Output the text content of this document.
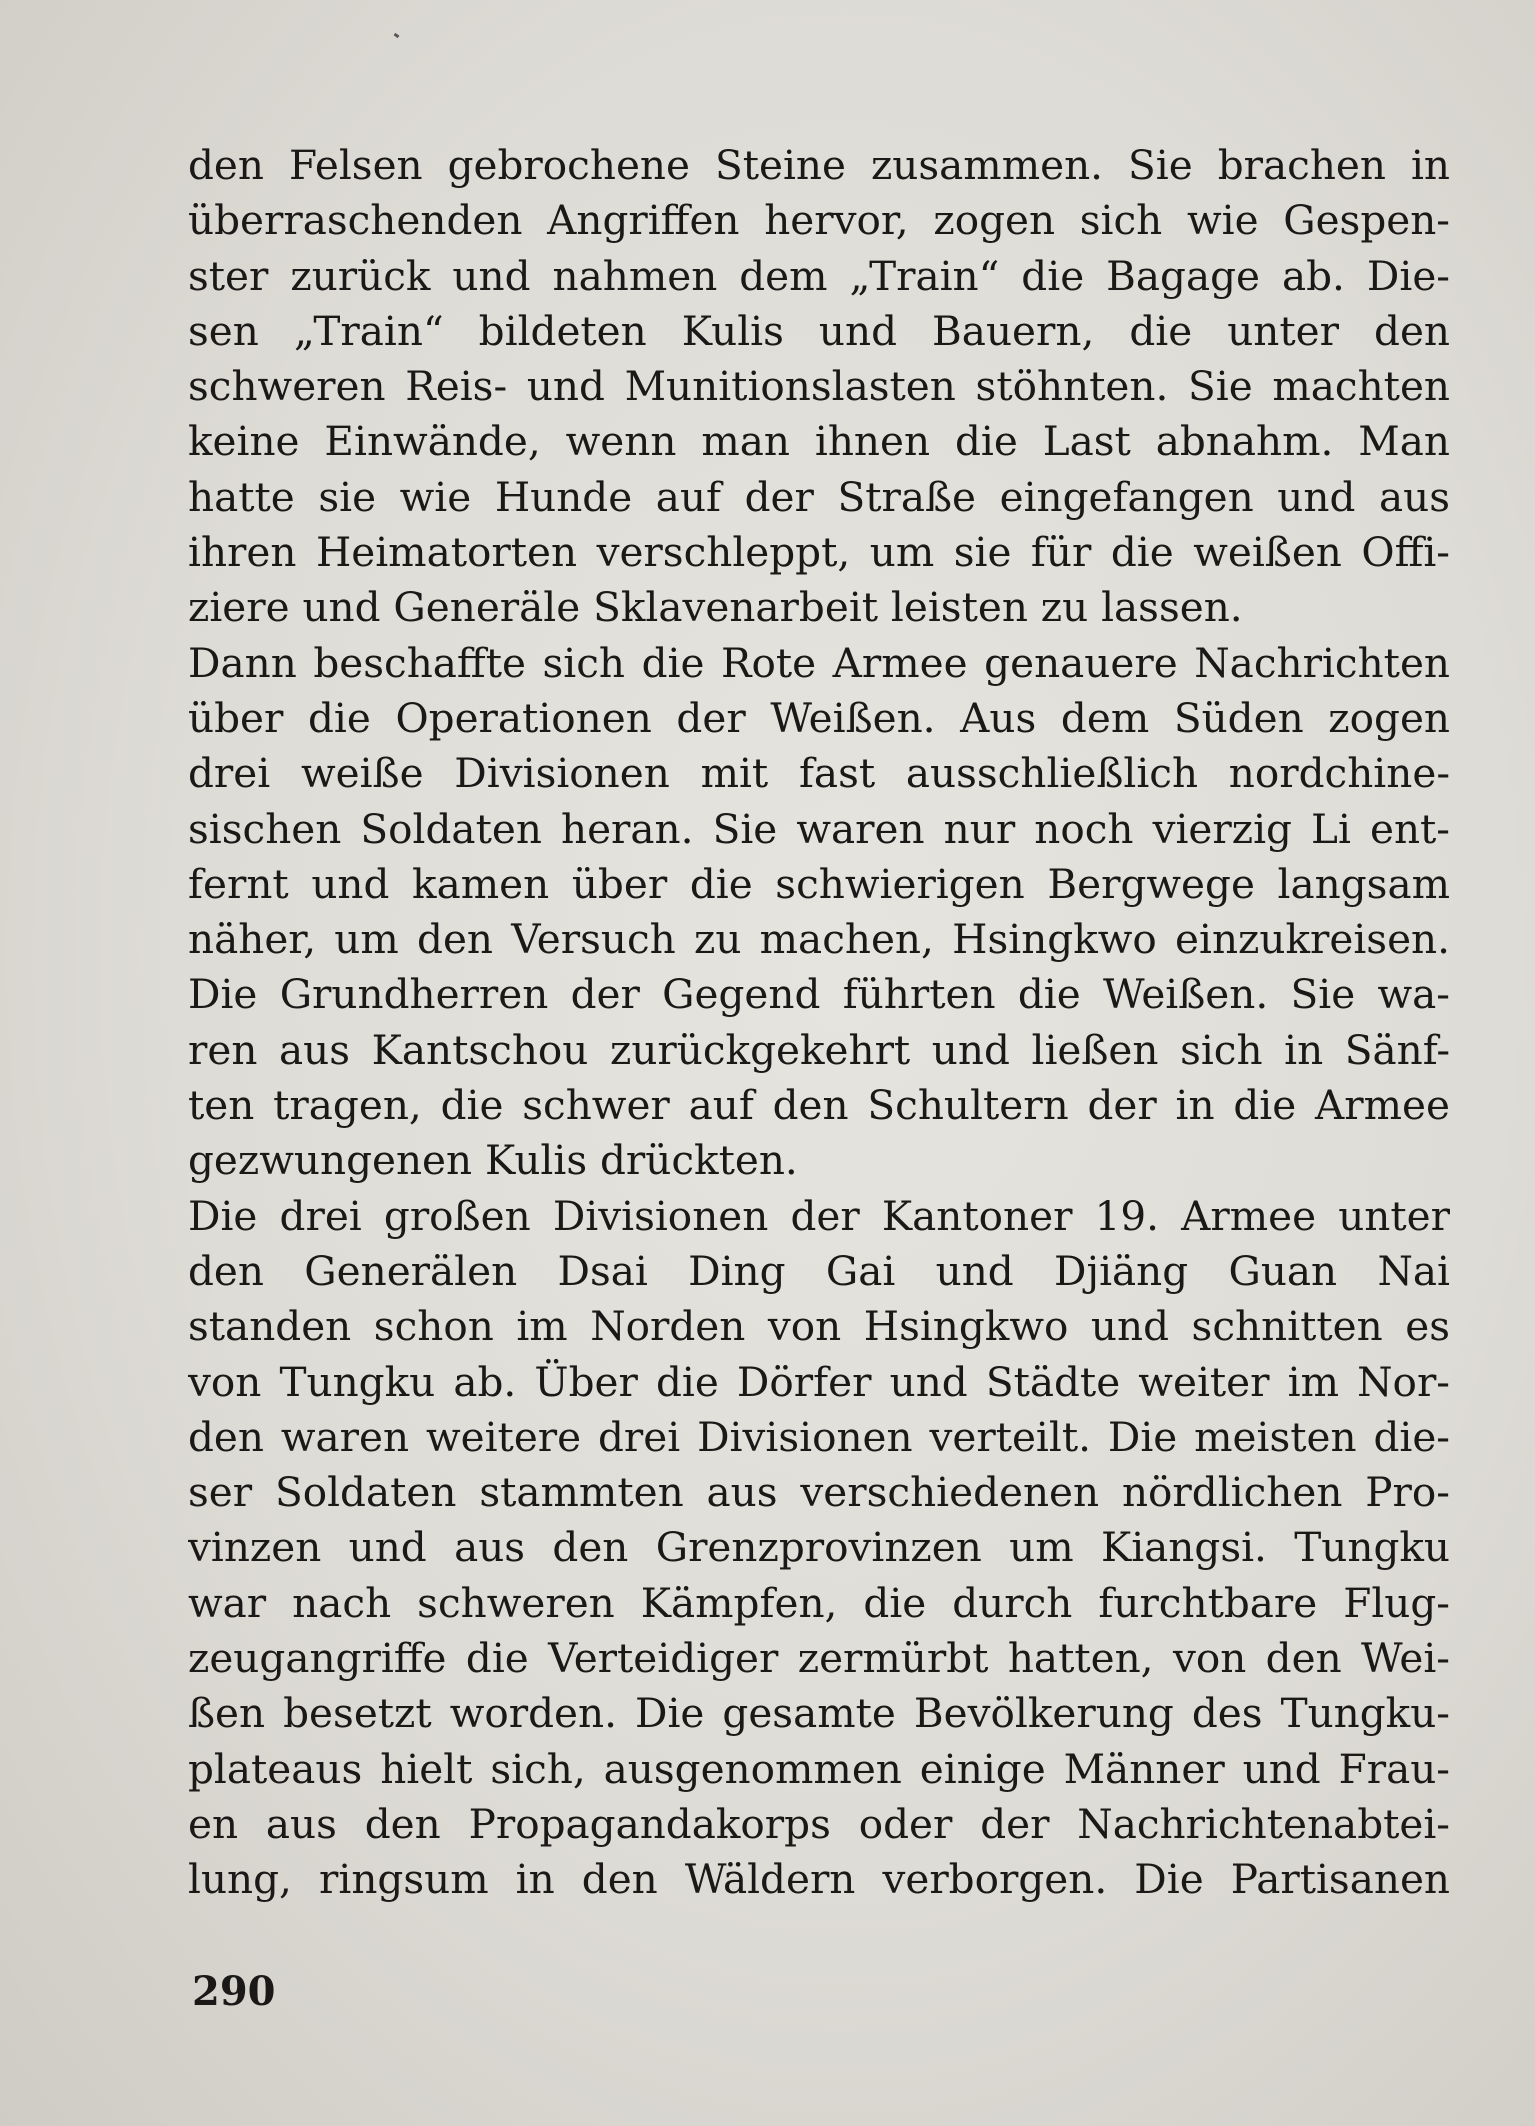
den Felsen gebrochene Steine zusammen. Sie brachen in
überraschenden Angriffen hervor, zogen sich wie Gespen-
ster zurück und nahmen dem „Train“ die Bagage ab. Die-
sen „Train“ bildeten Kulis und Bauern, die unter den
schweren Reis- und Munitionslasten stöhnten. Sie machten
keine Einwände, wenn man ihnen die Last abnahm. Man
hatte sie wie Hunde auf der Straße eingefangen und aus
ihren Heimatorten verschleppt, um sie für die weißen Offi-
ziere und Generäle Sklavenarbeit leisten zu lassen.
Dann beschaffte sich die Rote Armee genauere Nachrichten
über die Operationen der Weißen. Aus dem Süden zogen
drei weiße Divisionen mit fast ausschließlich nordchine-
sischen Soldaten heran. Sie waren nur noch vierzig Li ent-
fernt und kamen über die schwierigen Bergwege langsam
näher, um den Versuch zu machen, Hsingkwo einzukreisen.
Die Grundherren der Gegend führten die Weißen. Sie wa-
ren aus Kantschou zurückgekehrt und ließen sich in Sänf-
ten tragen, die schwer auf den Schultern der in die Armee
gezwungenen Kulis drückten.
Die drei großen Divisionen der Kantoner 19. Armee unter
den Generälen Dsai Ding Gai und Djiäng Guan Nai
standen schon im Norden von Hsingkwo und schnitten es
von Tungku ab. Über die Dörfer und Städte weiter im Nor-
den waren weitere drei Divisionen verteilt. Die meisten die-
ser Soldaten stammten aus verschiedenen nördlichen Pro-
vinzen und aus den Grenzprovinzen um Kiangsi. Tungku
war nach schweren Kämpfen, die durch furchtbare Flug-
zeugangriffe die Verteidiger zermürbt hatten, von den Wei-
ßen besetzt worden. Die gesamte Bevölkerung des Tungku-
plateaus hielt sich, ausgenommen einige Männer und Frau-
en aus den Propagandakorps oder der Nachrichtenabtei-
lung, ringsum in den Wäldern verborgen. Die Partisanen
290
